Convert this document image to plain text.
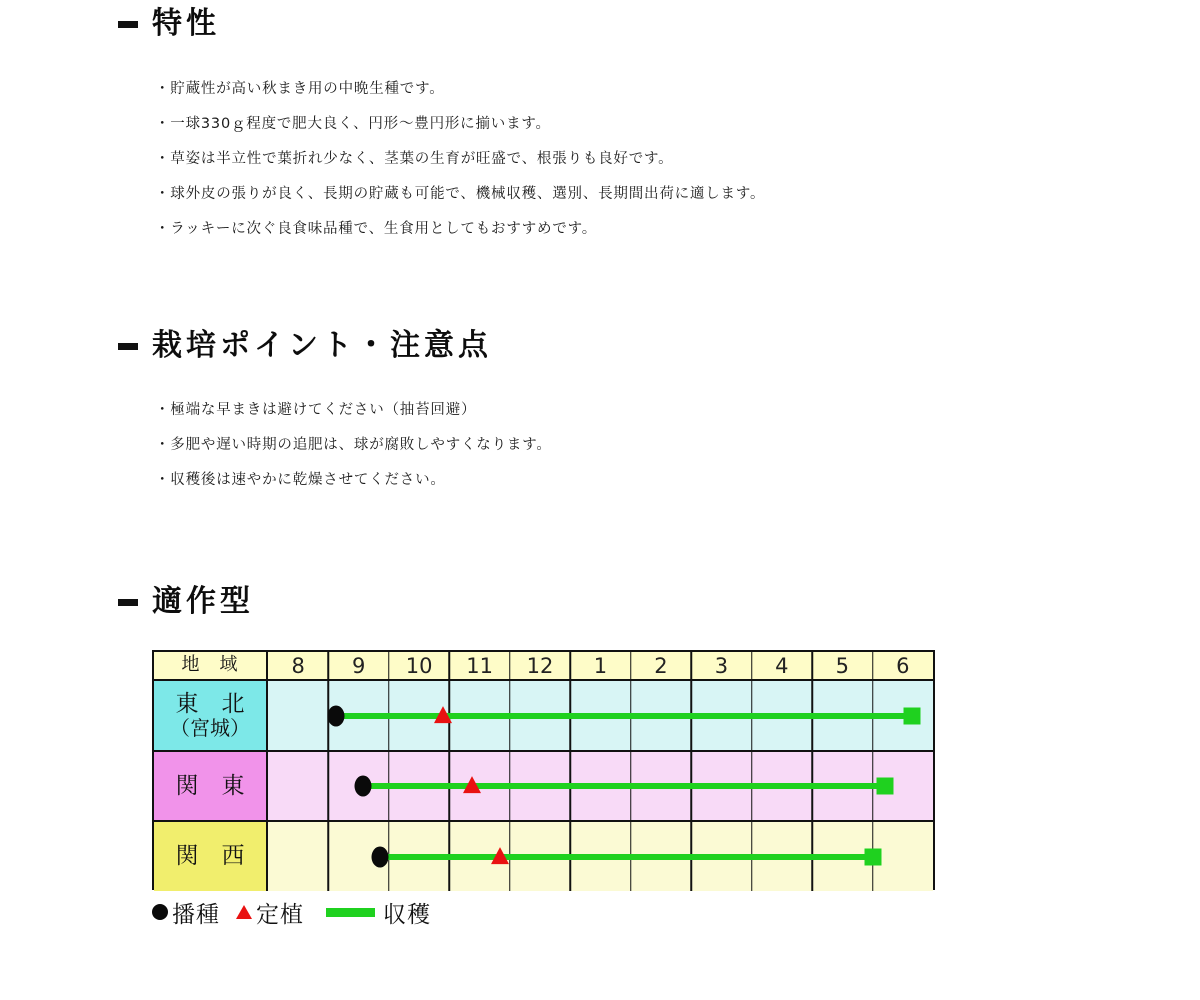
特性
・貯蔵性が高い秋まき用の中晩生種です。
・一球330ｇ程度で肥大良く、円形〜豊円形に揃います。
・草姿は半立性で葉折れ少なく、茎葉の生育が旺盛で、根張りも良好です。
・球外皮の張りが良く、長期の貯蔵も可能で、機械収穫、選別、長期間出荷に適します。
・ラッキーに次ぐ良食味品種で、生食用としてもおすすめです。
栽培ポイント・注意点
・極端な早まきは避けてください（抽苔回避）
・多肥や遅い時期の追肥は、球が腐敗しやすくなります。
・収穫後は速やかに乾燥させてください。
適作型
地　域	8	9	10	11	12	1	2	3	4	5	6
東　北
（宮城）
関　東
関　西
播種 定植	収穫
